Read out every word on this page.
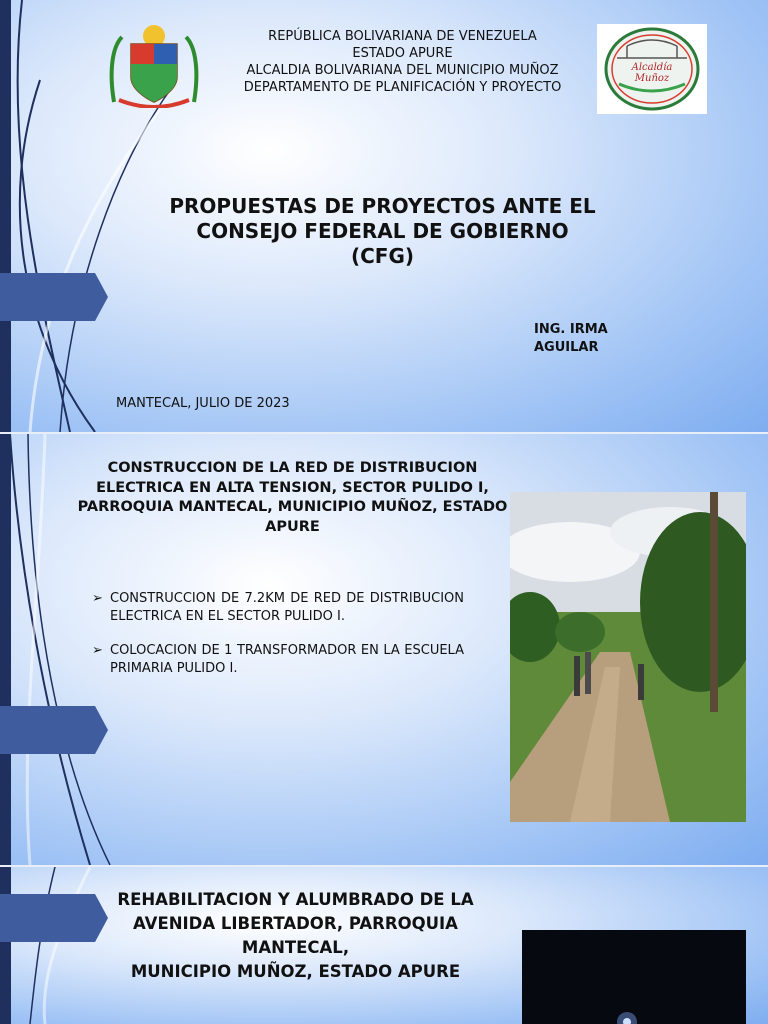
REPÚBLICA BOLIVARIANA DE VENEZUELA
ESTADO APURE
ALCALDIA BOLIVARIANA DEL MUNICIPIO MUÑOZ
DEPARTAMENTO DE PLANIFICACIÓN Y PROYECTO
Alcaldía Muñoz
PROPUESTAS DE PROYECTOS ANTE EL
CONSEJO FEDERAL DE GOBIERNO
(CFG)
ING. IRMA
AGUILAR
MANTECAL, JULIO DE 2023
CONSTRUCCION DE LA RED DE DISTRIBUCION
ELECTRICA EN ALTA TENSION, SECTOR PULIDO I,
PARROQUIA MANTECAL, MUNICIPIO MUÑOZ, ESTADO
APURE
➢ CONSTRUCCION DE 7.2KM DE RED DE DISTRIBUCION ELECTRICA EN EL SECTOR PULIDO I.
➢ COLOCACION DE 1 TRANSFORMADOR EN LA ESCUELA PRIMARIA PULIDO I.
REHABILITACION Y ALUMBRADO DE LA
AVENIDA LIBERTADOR, PARROQUIA
MANTECAL,
MUNICIPIO MUÑOZ, ESTADO APURE
